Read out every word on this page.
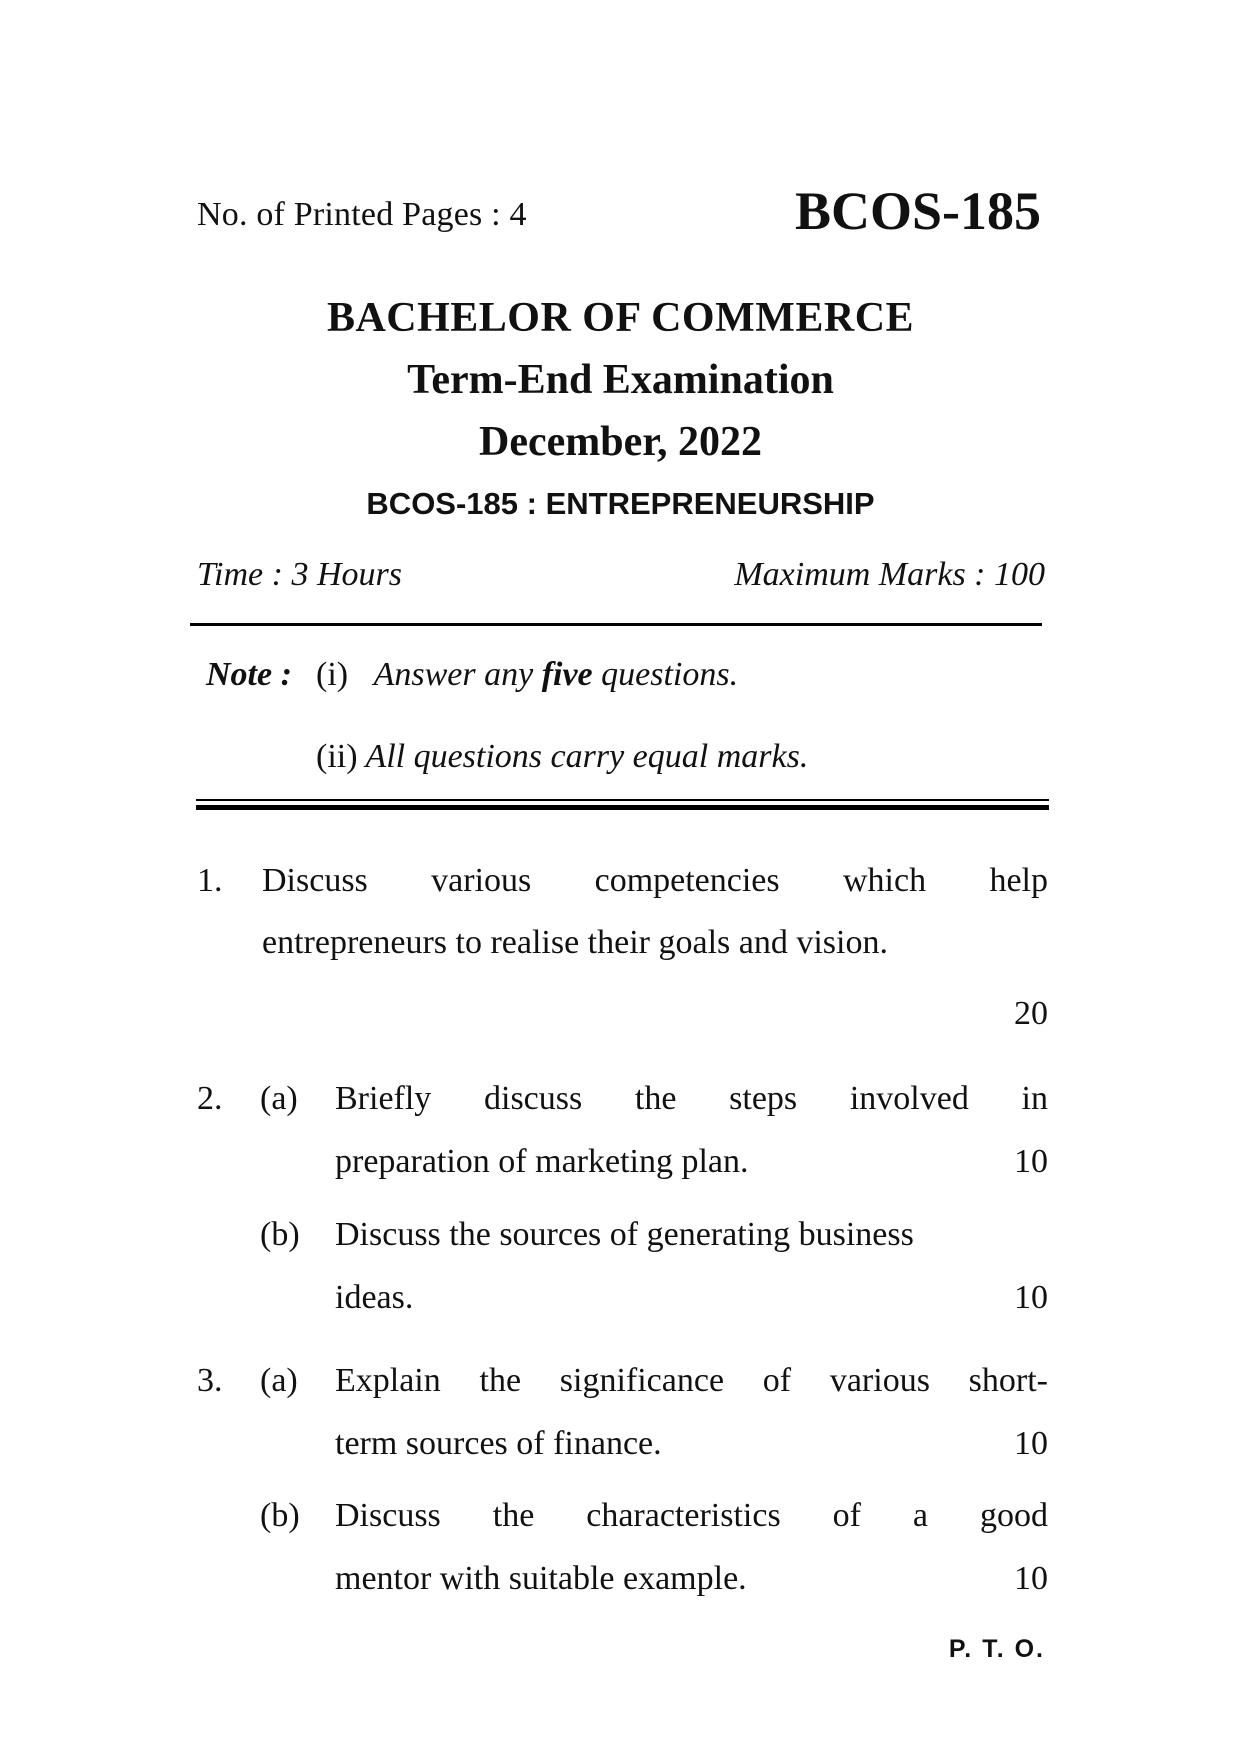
No. of Printed Pages : 4	BCOS-185
BACHELOR OF COMMERCE
Term-End Examination
December, 2022
BCOS-185 : ENTREPRENEURSHIP
Time : 3 Hours	Maximum Marks : 100
Note : (i) Answer any five questions.
(ii) All questions carry equal marks.
1. Discuss various competencies which help
entrepreneurs to realise their goals and vision.
20
2. (a) Briefly discuss the steps involved in
preparation of marketing plan.	10
(b) Discuss the sources of generating business
ideas.	10
3. (a) Explain the significance of various short-
term sources of finance.	10
(b) Discuss the characteristics of a good
mentor with suitable example.	10
P. T. O.
